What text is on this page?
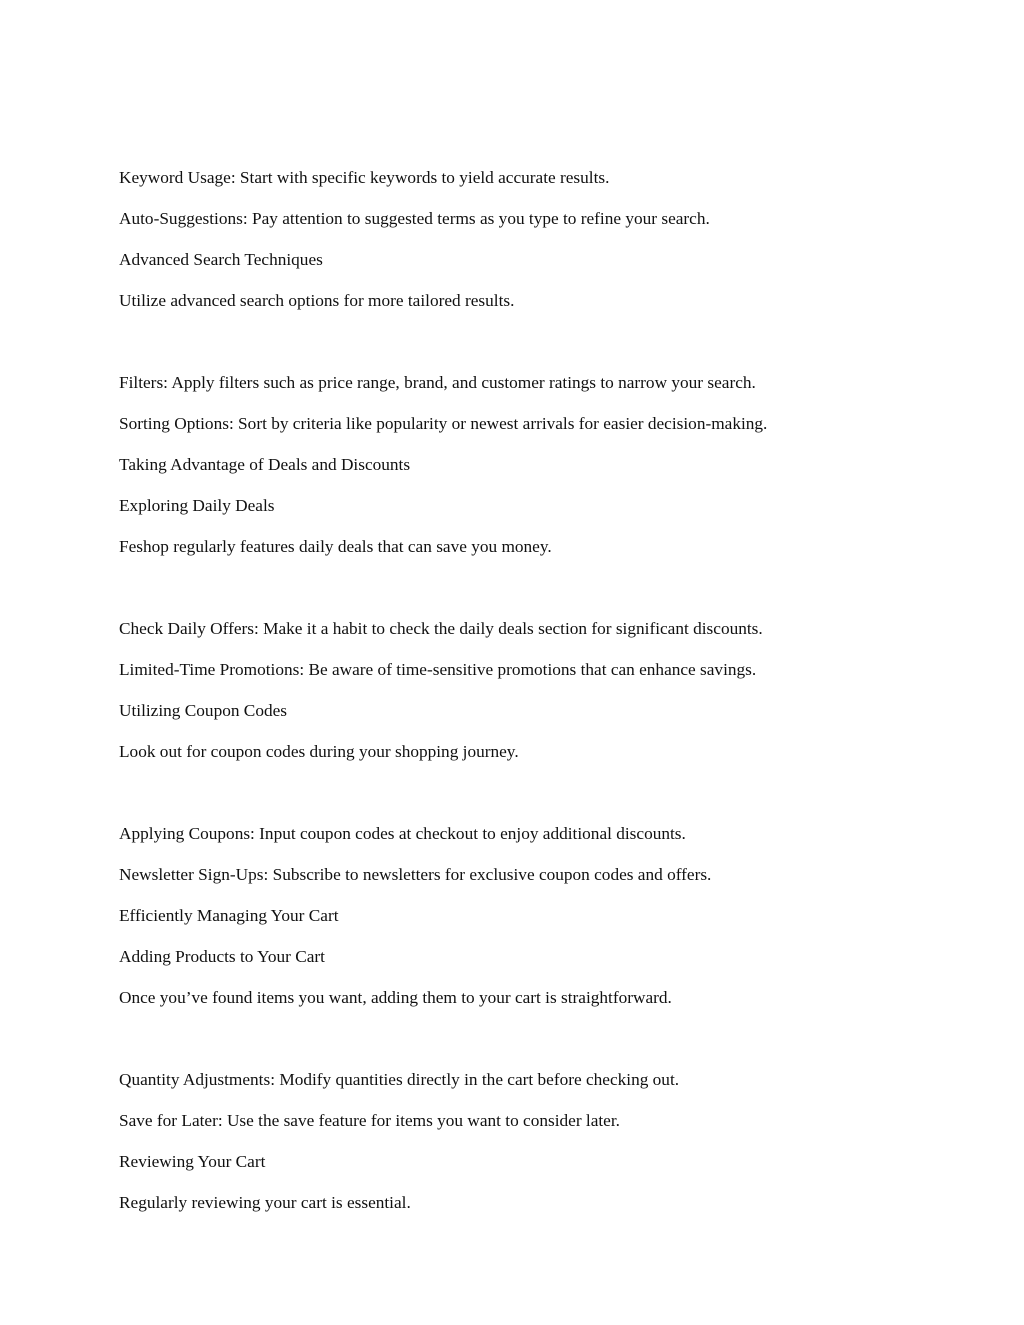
Keyword Usage: Start with specific keywords to yield accurate results.

Auto-Suggestions: Pay attention to suggested terms as you type to refine your search.

Advanced Search Techniques

Utilize advanced search options for more tailored results.

Filters: Apply filters such as price range, brand, and customer ratings to narrow your search.

Sorting Options: Sort by criteria like popularity or newest arrivals for easier decision-making.

Taking Advantage of Deals and Discounts

Exploring Daily Deals

Feshop regularly features daily deals that can save you money.

Check Daily Offers: Make it a habit to check the daily deals section for significant discounts.

Limited-Time Promotions: Be aware of time-sensitive promotions that can enhance savings.

Utilizing Coupon Codes

Look out for coupon codes during your shopping journey.

Applying Coupons: Input coupon codes at checkout to enjoy additional discounts.

Newsletter Sign-Ups: Subscribe to newsletters for exclusive coupon codes and offers.

Efficiently Managing Your Cart

Adding Products to Your Cart

Once you’ve found items you want, adding them to your cart is straightforward.

Quantity Adjustments: Modify quantities directly in the cart before checking out.

Save for Later: Use the save feature for items you want to consider later.

Reviewing Your Cart

Regularly reviewing your cart is essential.
